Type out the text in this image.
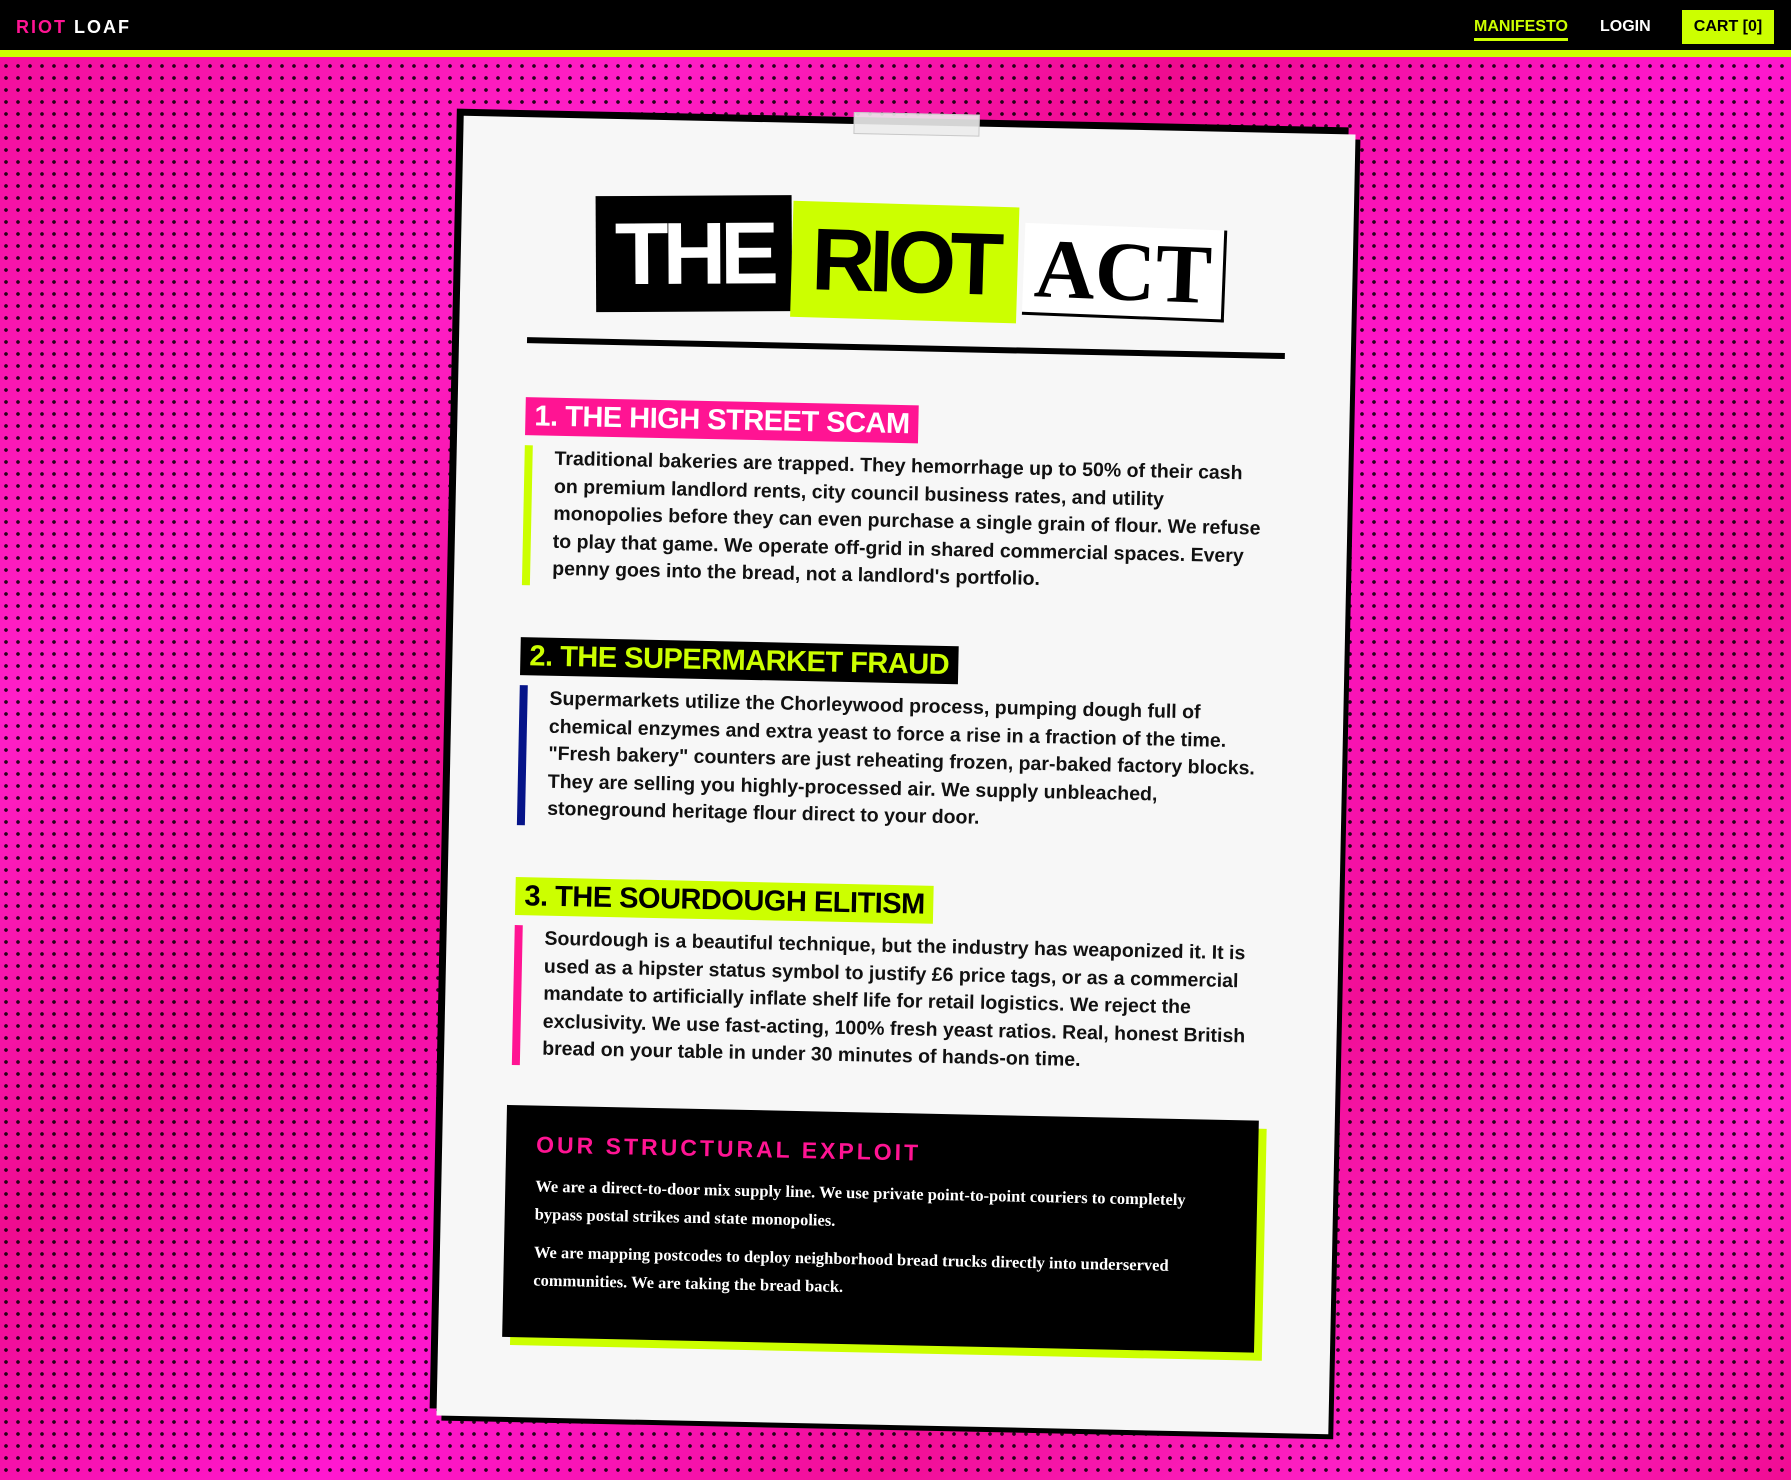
RIOT LOAF	MANIFESTO LOGIN	CART [0]
THE RIOT ACT
1. THE HIGH STREET SCAM
Traditional bakeries are trapped. They hemorrhage up to 50% of their cash on premium landlord rents, city council business rates, and utility monopolies before they can even purchase a single grain of flour. We refuse to play that game. We operate off-grid in shared commercial spaces. Every penny goes into the bread, not a landlord's portfolio.
2. THE SUPERMARKET FRAUD
Supermarkets utilize the Chorleywood process, pumping dough full of chemical enzymes and extra yeast to force a rise in a fraction of the time. "Fresh bakery" counters are just reheating frozen, par-baked factory blocks. They are selling you highly-processed air. We supply unbleached, stoneground heritage flour direct to your door.
3. THE SOURDOUGH ELITISM
Sourdough is a beautiful technique, but the industry has weaponized it. It is used as a hipster status symbol to justify £6 price tags, or as a commercial mandate to artificially inflate shelf life for retail logistics. We reject the exclusivity. We use fast-acting, 100% fresh yeast ratios. Real, honest British bread on your table in under 30 minutes of hands-on time.
OUR STRUCTURAL EXPLOIT

We are a direct-to-door mix supply line. We use private point-to-point couriers to completely bypass postal strikes and state monopolies.

We are mapping postcodes to deploy neighborhood bread trucks directly into underserved communities. We are taking the bread back.
